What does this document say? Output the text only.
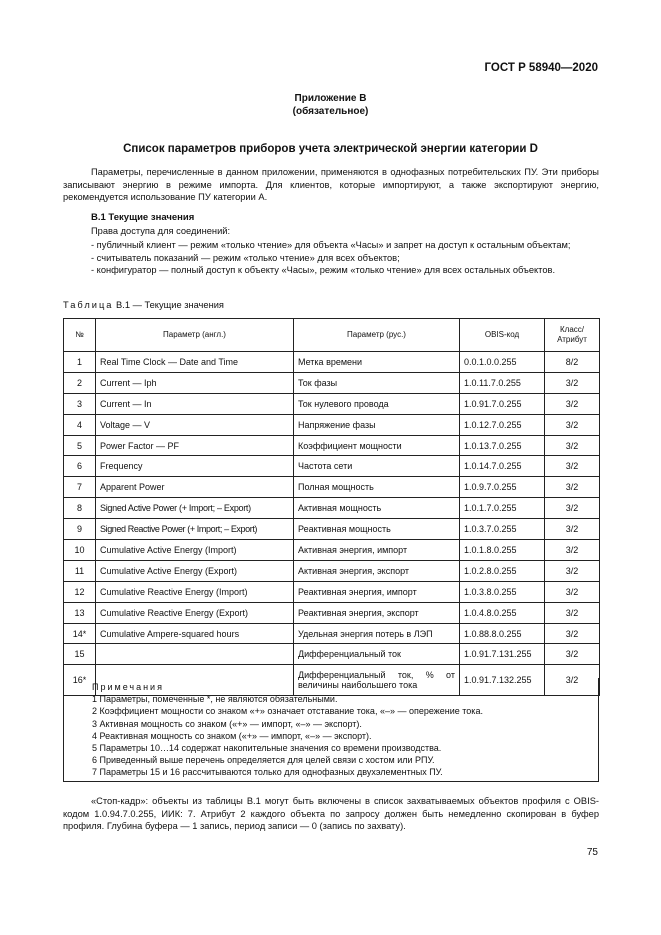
ГОСТ Р 58940—2020
Приложение В
(обязательное)
Список параметров приборов учета электрической энергии категории D
Параметры, перечисленные в данном приложении, применяются в однофазных потребительских ПУ. Эти приборы записывают энергию в режиме импорта. Для клиентов, которые импортируют, а также экспортируют энергию, рекомендуется использование ПУ категории А.
В.1 Текущие значения
Права доступа для соединений:
- публичный клиент — режим «только чтение» для объекта «Часы» и запрет на доступ к остальным объектам;
- считыватель показаний — режим «только чтение» для всех объектов;
- конфигуратор — полный доступ к объекту «Часы», режим «только чтение» для всех остальных объектов.
Таблица В.1 — Текущие значения
№	Параметр (англ.)	Параметр (рус.)	OBIS-код	Класс/ Атрибут
1	Real Time Clock — Date and Time	Метка времени	0.0.1.0.0.255	8/2
2	Current — Iph	Ток фазы	1.0.11.7.0.255	3/2
3	Current — In	Ток нулевого провода	1.0.91.7.0.255	3/2
4	Voltage — V	Напряжение фазы	1.0.12.7.0.255	3/2
5	Power Factor — PF	Коэффициент мощности	1.0.13.7.0.255	3/2
6	Frequency	Частота сети	1.0.14.7.0.255	3/2
7	Apparent Power	Полная мощность	1.0.9.7.0.255	3/2
8	Signed Active Power (+ Import; – Export)	Активная мощность	1.0.1.7.0.255	3/2
9	Signed Reactive Power (+ Import; – Export)	Реактивная мощность	1.0.3.7.0.255	3/2
10	Cumulative Active Energy (Import)	Активная энергия, импорт	1.0.1.8.0.255	3/2
11	Cumulative Active Energy (Export)	Активная энергия, экспорт	1.0.2.8.0.255	3/2
12	Cumulative Reactive Energy (Import)	Реактивная энергия, импорт	1.0.3.8.0.255	3/2
13	Cumulative Reactive Energy (Export)	Реактивная энергия, экспорт	1.0.4.8.0.255	3/2
14*	Cumulative Ampere-squared hours	Удельная энергия потерь в ЛЭП	1.0.88.8.0.255	3/2
15		Дифференциальный ток	1.0.91.7.131.255	3/2
16*		Дифференциальный ток, % от величины наибольшего тока	1.0.91.7.132.255	3/2
Примечания
1 Параметры, помеченные *, не являются обязательными.
2 Коэффициент мощности со знаком «+» означает отставание тока, «–» — опережение тока.
3 Активная мощность со знаком («+» — импорт, «–» — экспорт).
4 Реактивная мощность со знаком («+» — импорт, «–» — экспорт).
5 Параметры 10…14 содержат накопительные значения со времени производства.
6 Приведенный выше перечень определяется для целей связи с хостом или РПУ.
7 Параметры 15 и 16 рассчитываются только для однофазных двухэлементных ПУ.
«Стоп-кадр»: объекты из таблицы В.1 могут быть включены в список захватываемых объектов профиля с OBIS-кодом 1.0.94.7.0.255, ИИК: 7. Атрибут 2 каждого объекта по запросу должен быть немедленно скопирован в буфер профиля. Глубина буфера — 1 запись, период записи — 0 (запись по захвату).
75
